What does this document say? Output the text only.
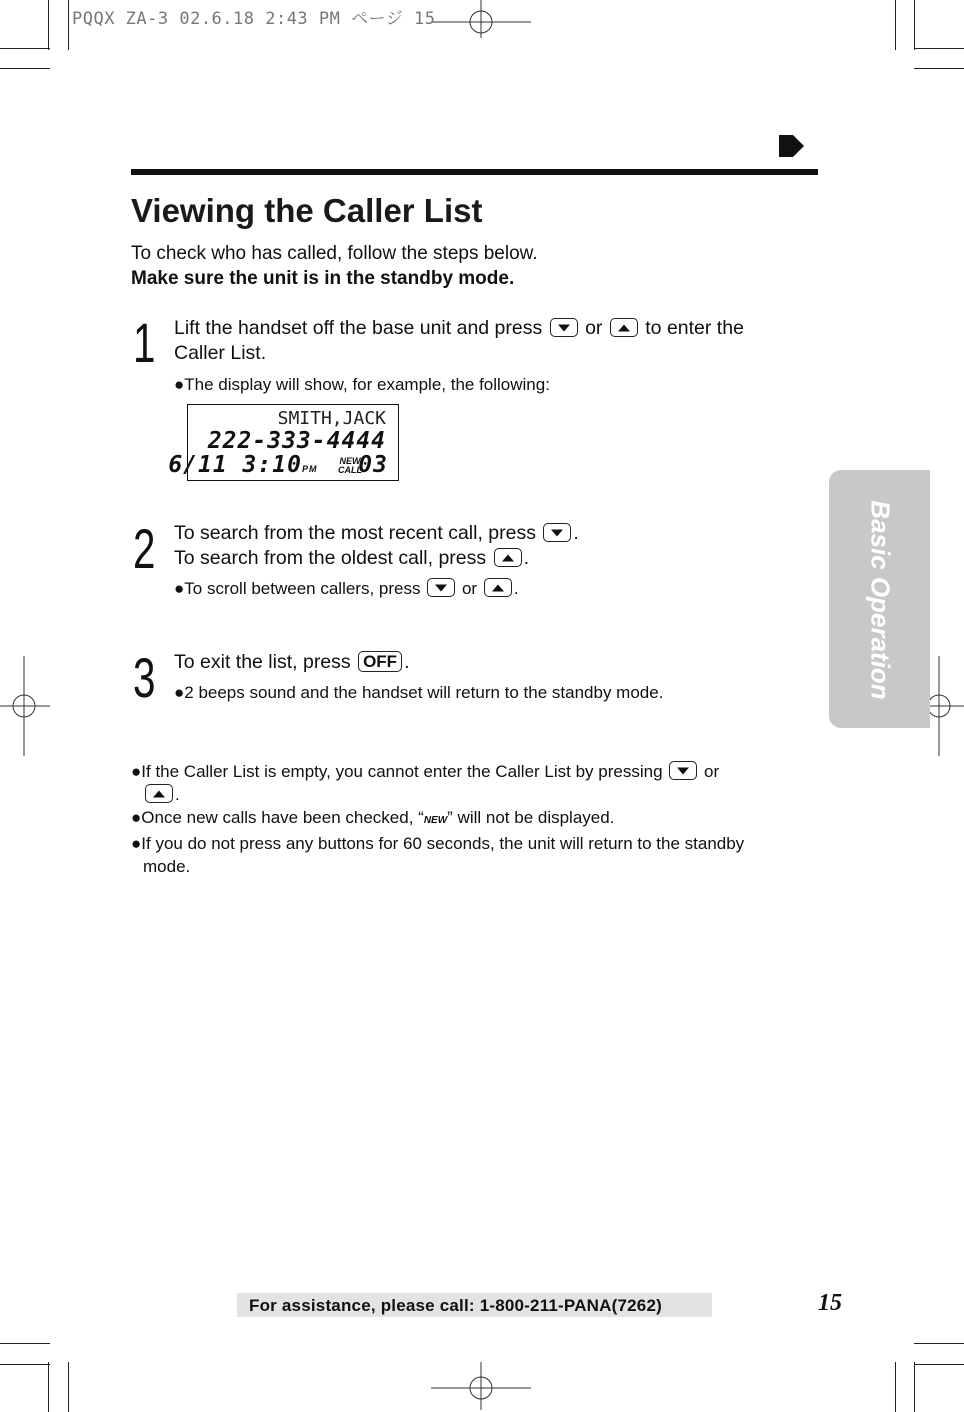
PQQX ZA-3 02.6.18 2:43 PM ページ 15
Viewing the Caller List
To check who has called, follow the steps below.
Make sure the unit is in the standby mode.
1 Lift the handset off the base unit and press or to enter the
Caller List.
●The display will show, for example, the following:
SMITH,JACK
222-333-4444
6/11 3:10PM 03
NEW
CALL
2 To search from the most recent call, press .
To search from the oldest call, press .
●To scroll between callers, press or .
3 To exit the list, press OFF .
●2 beeps sound and the handset will return to the standby mode.
●If the Caller List is empty, you cannot enter the Caller List by pressing or
.
●Once new calls have been checked, “NEW” will not be displayed.
●If you do not press any buttons for 60 seconds, the unit will return to the standby
mode.
Basic Operation
For assistance, please call: 1-800-211-PANA(7262)	15
